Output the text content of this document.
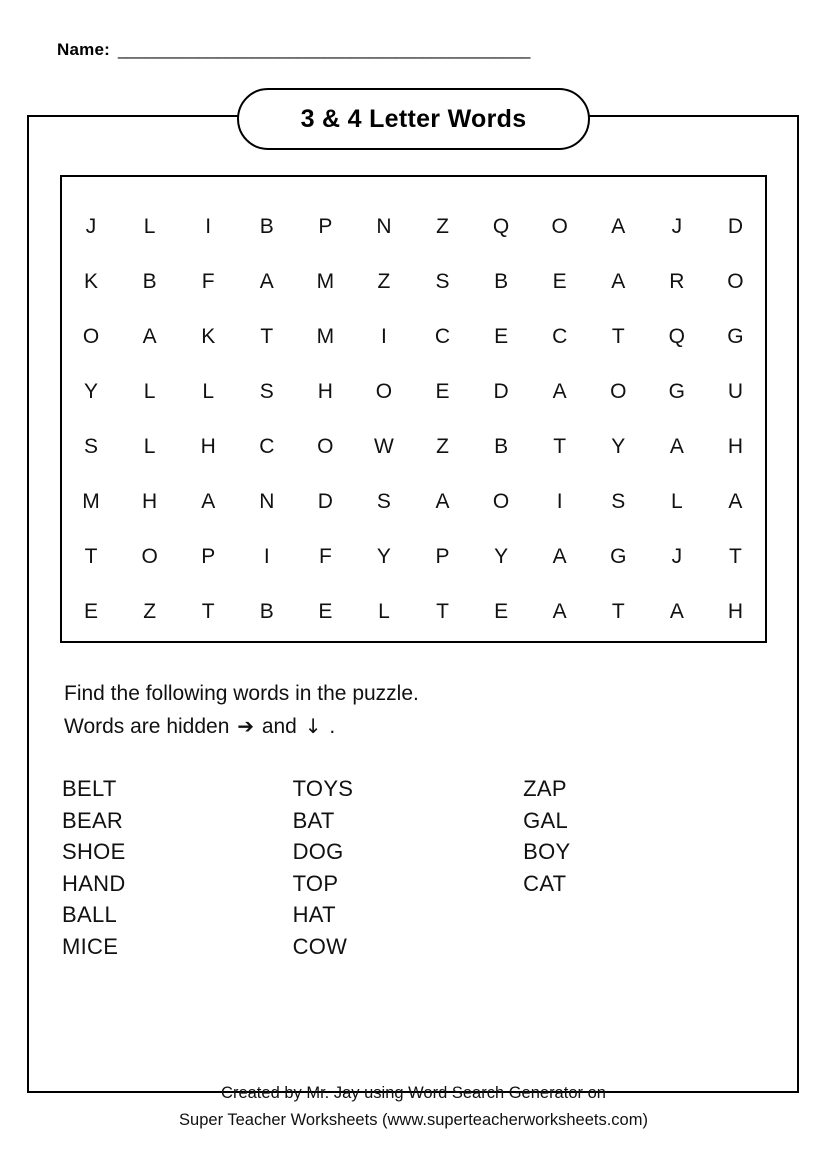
Name: ______________________________________________
3 & 4 Letter Words
J	L	I	B	P	N	Z	Q	O	A	J	D
K	B	F	A	M	Z	S	B	E	A	R	O
O	A	K	T	M	I	C	E	C	T	Q	G
Y	L	L	S	H	O	E	D	A	O	G	U
S	L	H	C	O	W	Z	B	T	Y	A	H
M	H	A	N	D	S	A	O	I	S	L	A
T	O	P	I	F	Y	P	Y	A	G	J	T
E	Z	T	B	E	L	T	E	A	T	A	H
Find the following words in the puzzle.
Words are hidden ➔ and ↓ .
BELT
BEAR
SHOE
HAND
BALL
MICE
TOYS
BAT
DOG
TOP
HAT
COW
ZAP
GAL
BOY
CAT
Created by Mr. Jay using Word Search Generator on
Super Teacher Worksheets (www.superteacherworksheets.com)
